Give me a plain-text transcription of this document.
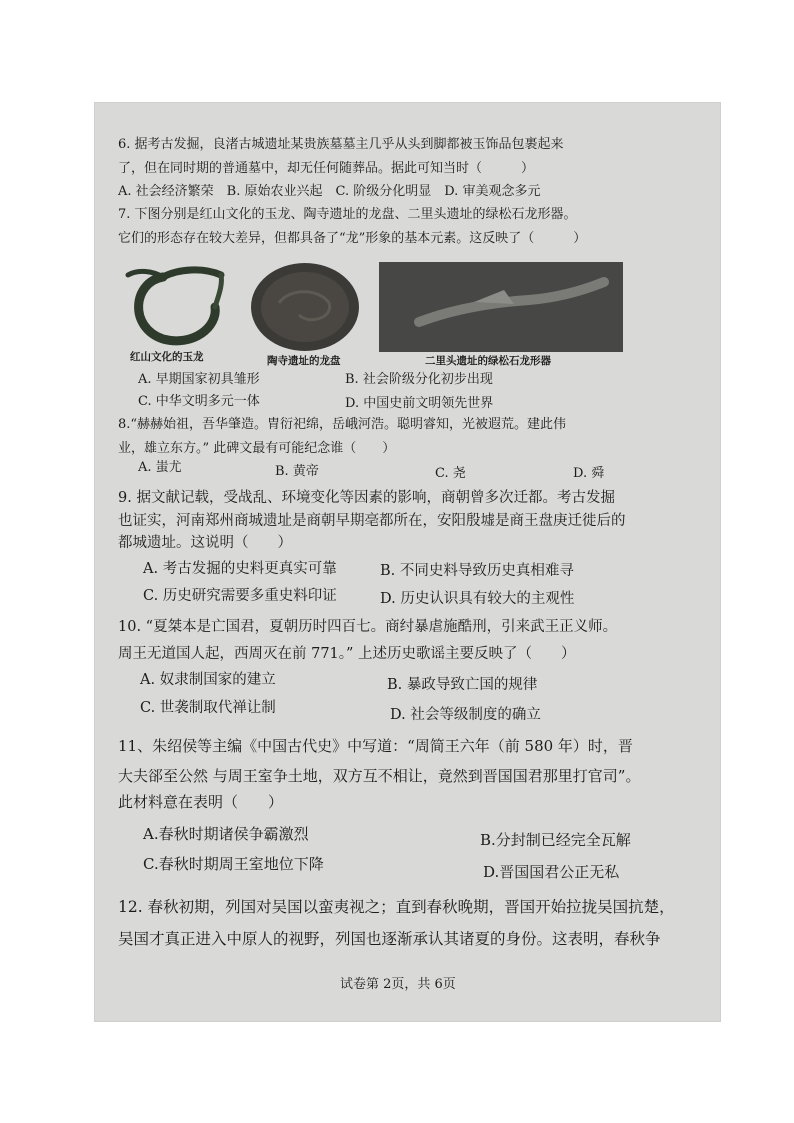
6. 据考古发掘，良渚古城遗址某贵族墓墓主几乎从头到脚都被玉饰品包裹起来
了，但在同时期的普通墓中，却无任何随葬品。据此可知当时（　　　）
A. 社会经济繁荣　B. 原始农业兴起　C. 阶级分化明显　D. 审美观念多元
7. 下图分别是红山文化的玉龙、陶寺遗址的龙盘、二里头遗址的绿松石龙形器。
它们的形态存在较大差异，但都具备了“龙”形象的基本元素。这反映了（　　　）
红山文化的玉龙	陶寺遗址的龙盘	二里头遗址的绿松石龙形器
A. 早期国家初具雏形	B. 社会阶级分化初步出现
C. 中华文明多元一体	D. 中国史前文明领先世界
8.“赫赫始祖，吾华肇造。胄衍祀绵，岳峨河浩。聪明睿知，光被遐荒。建此伟
业，雄立东方。” 此碑文最有可能纪念谁（　　）
A. 蚩尤	B. 黄帝	C. 尧	D. 舜
9. 据文献记载，受战乱、环境变化等因素的影响，商朝曾多次迁都。考古发掘
也证实，河南郑州商城遗址是商朝早期亳都所在，安阳殷墟是商王盘庚迁徙后的
都城遗址。这说明（　　）
A. 考古发掘的史料更真实可靠	B. 不同史料导致历史真相难寻
C. 历史研究需要多重史料印证	D. 历史认识具有较大的主观性
10. “夏桀本是亡国君，夏朝历时四百七。商纣暴虐施酷刑，引来武王正义师。
周王无道国人起，西周灭在前 771。” 上述历史歌谣主要反映了（　　）
A. 奴隶制国家的建立	B. 暴政导致亡国的规律
C. 世袭制取代禅让制	D. 社会等级制度的确立
11、朱绍侯等主编《中国古代史》中写道：“周简王六年（前 580 年）时，晋
大夫郤至公然 与周王室争土地，双方互不相让，竟然到晋国国君那里打官司”。
此材料意在表明（　　）
A.春秋时期诸侯争霸激烈	B.分封制已经完全瓦解
C.春秋时期周王室地位下降	D.晋国国君公正无私
12. 春秋初期，列国对吴国以蛮夷视之；直到春秋晚期，晋国开始拉拢吴国抗楚，
吴国才真正进入中原人的视野，列国也逐渐承认其诸夏的身份。这表明，春秋争
试卷第 2页，共 6页
